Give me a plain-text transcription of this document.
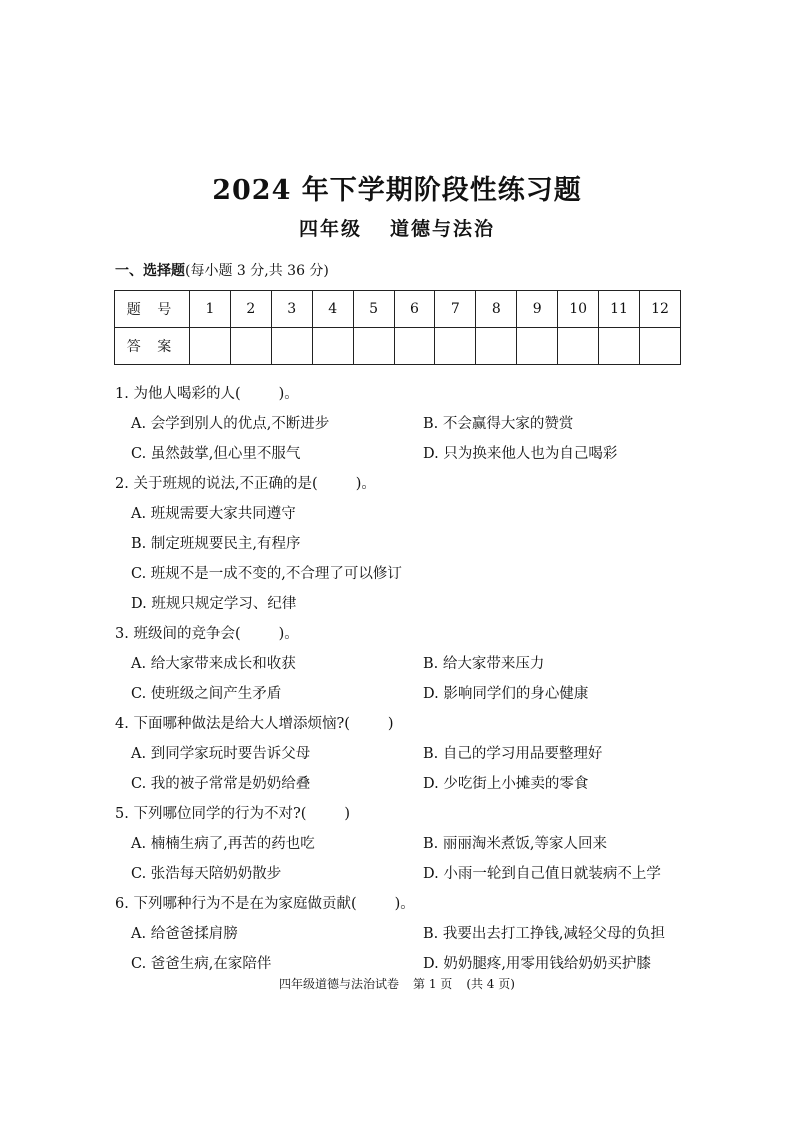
2024 年下学期阶段性练习题
四年级 道德与法治
一、选择题(每小题 3 分,共 36 分)
题 号	1	2	3	4	5	6	7	8	9	10	11	12
答 案												
1. 为他人喝彩的人(	)。
A. 会学到别人的优点,不断进步	B. 不会赢得大家的赞赏
C. 虽然鼓掌,但心里不服气	D. 只为换来他人也为自己喝彩
2. 关于班规的说法,不正确的是(	)。
A. 班规需要大家共同遵守
B. 制定班规要民主,有程序
C. 班规不是一成不变的,不合理了可以修订
D. 班规只规定学习、纪律
3. 班级间的竞争会(	)。
A. 给大家带来成长和收获	B. 给大家带来压力
C. 使班级之间产生矛盾	D. 影响同学们的身心健康
4. 下面哪种做法是给大人增添烦恼?(	)
A. 到同学家玩时要告诉父母	B. 自己的学习用品要整理好
C. 我的被子常常是奶奶给叠	D. 少吃街上小摊卖的零食
5. 下列哪位同学的行为不对?(	)
A. 楠楠生病了,再苦的药也吃	B. 丽丽淘米煮饭,等家人回来
C. 张浩每天陪奶奶散步	D. 小雨一轮到自己值日就装病不上学
6. 下列哪种行为不是在为家庭做贡献(	)。
A. 给爸爸揉肩膀	B. 我要出去打工挣钱,减轻父母的负担
C. 爸爸生病,在家陪伴	D. 奶奶腿疼,用零用钱给奶奶买护膝
四年级道德与法治试卷 第 1 页 (共 4 页)
